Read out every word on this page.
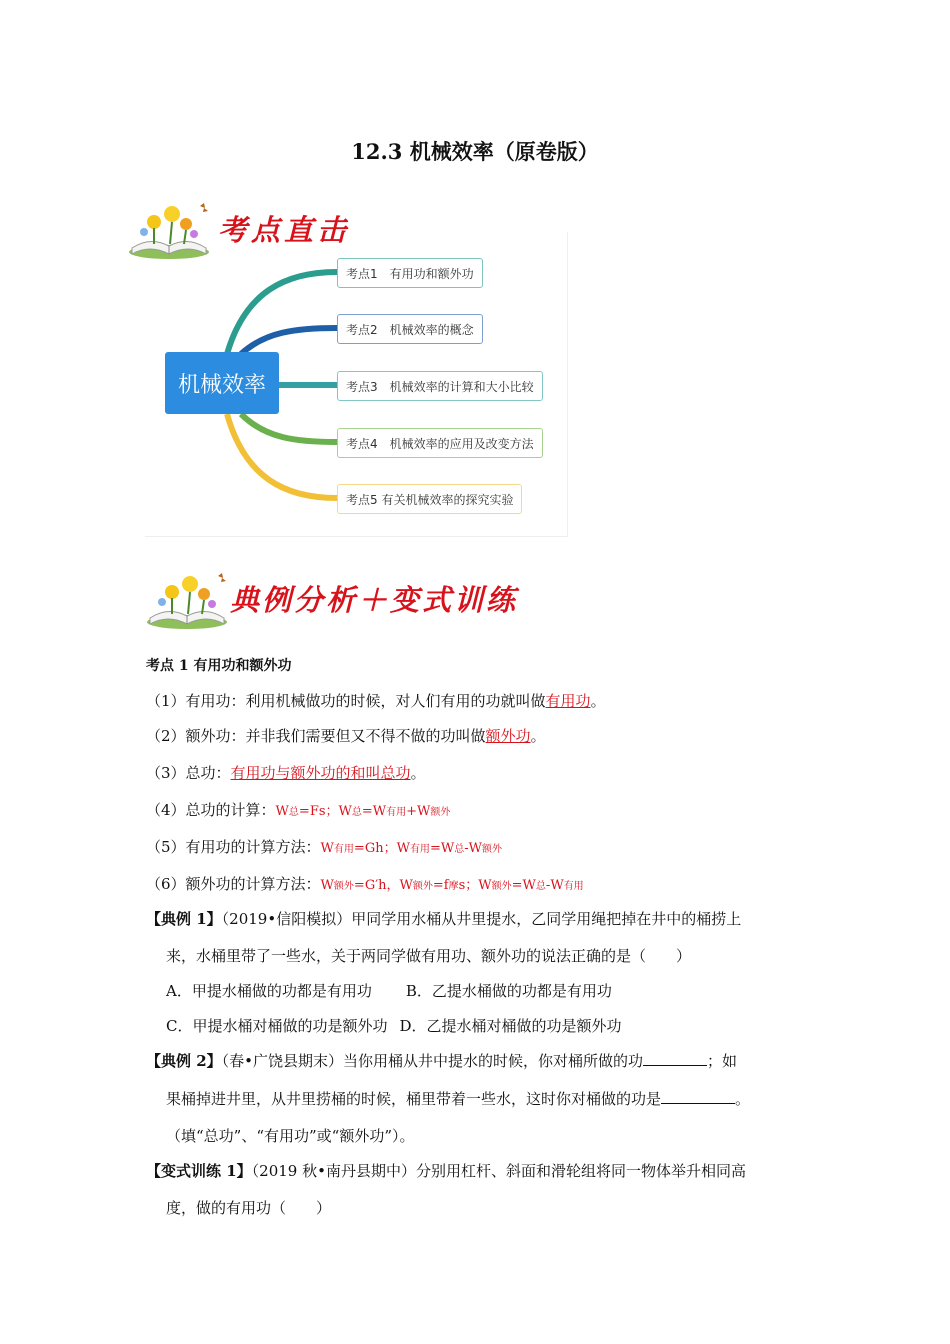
12.3 机械效率（原卷版）
考点直击
机械效率
考点1　有用功和额外功
考点2　机械效率的概念
考点3　机械效率的计算和大小比较
考点4　机械效率的应用及改变方法
考点5 有关机械效率的探究实验
典例分析＋变式训练
考点 1 有用功和额外功
（1）有用功：利用机械做功的时候，对人们有用的功就叫做有用功。
（2）额外功：并非我们需要但又不得不做的功叫做额外功。
（3）总功：有用功与额外功的和叫总功。
（4）总功的计算：W总=Fs；W总=W有用+W额外
（5）有用功的计算方法：W有用=Gh；W有用=W总-W额外
（6）额外功的计算方法：W额外=G′h，W额外=f摩s；W额外=W总-W有用
【典例 1】（2019•信阳模拟）甲同学用水桶从井里提水，乙同学用绳把掉在井中的桶捞上
来，水桶里带了一些水，关于两同学做有用功、额外功的说法正确的是（　　）
A．甲提水桶做的功都是有用功 B．乙提水桶做的功都是有用功
C．甲提水桶对桶做的功是额外功 D．乙提水桶对桶做的功是额外功
【典例 2】（春•广饶县期末）当你用桶从井中提水的时候，你对桶所做的功	；如
果桶掉进井里，从井里捞桶的时候，桶里带着一些水，这时你对桶做的功是	。
（填“总功”、“有用功”或“额外功”）。
【变式训练 1】（2019 秋•南丹县期中）分别用杠杆、斜面和滑轮组将同一物体举升相同高
度，做的有用功（　　）
